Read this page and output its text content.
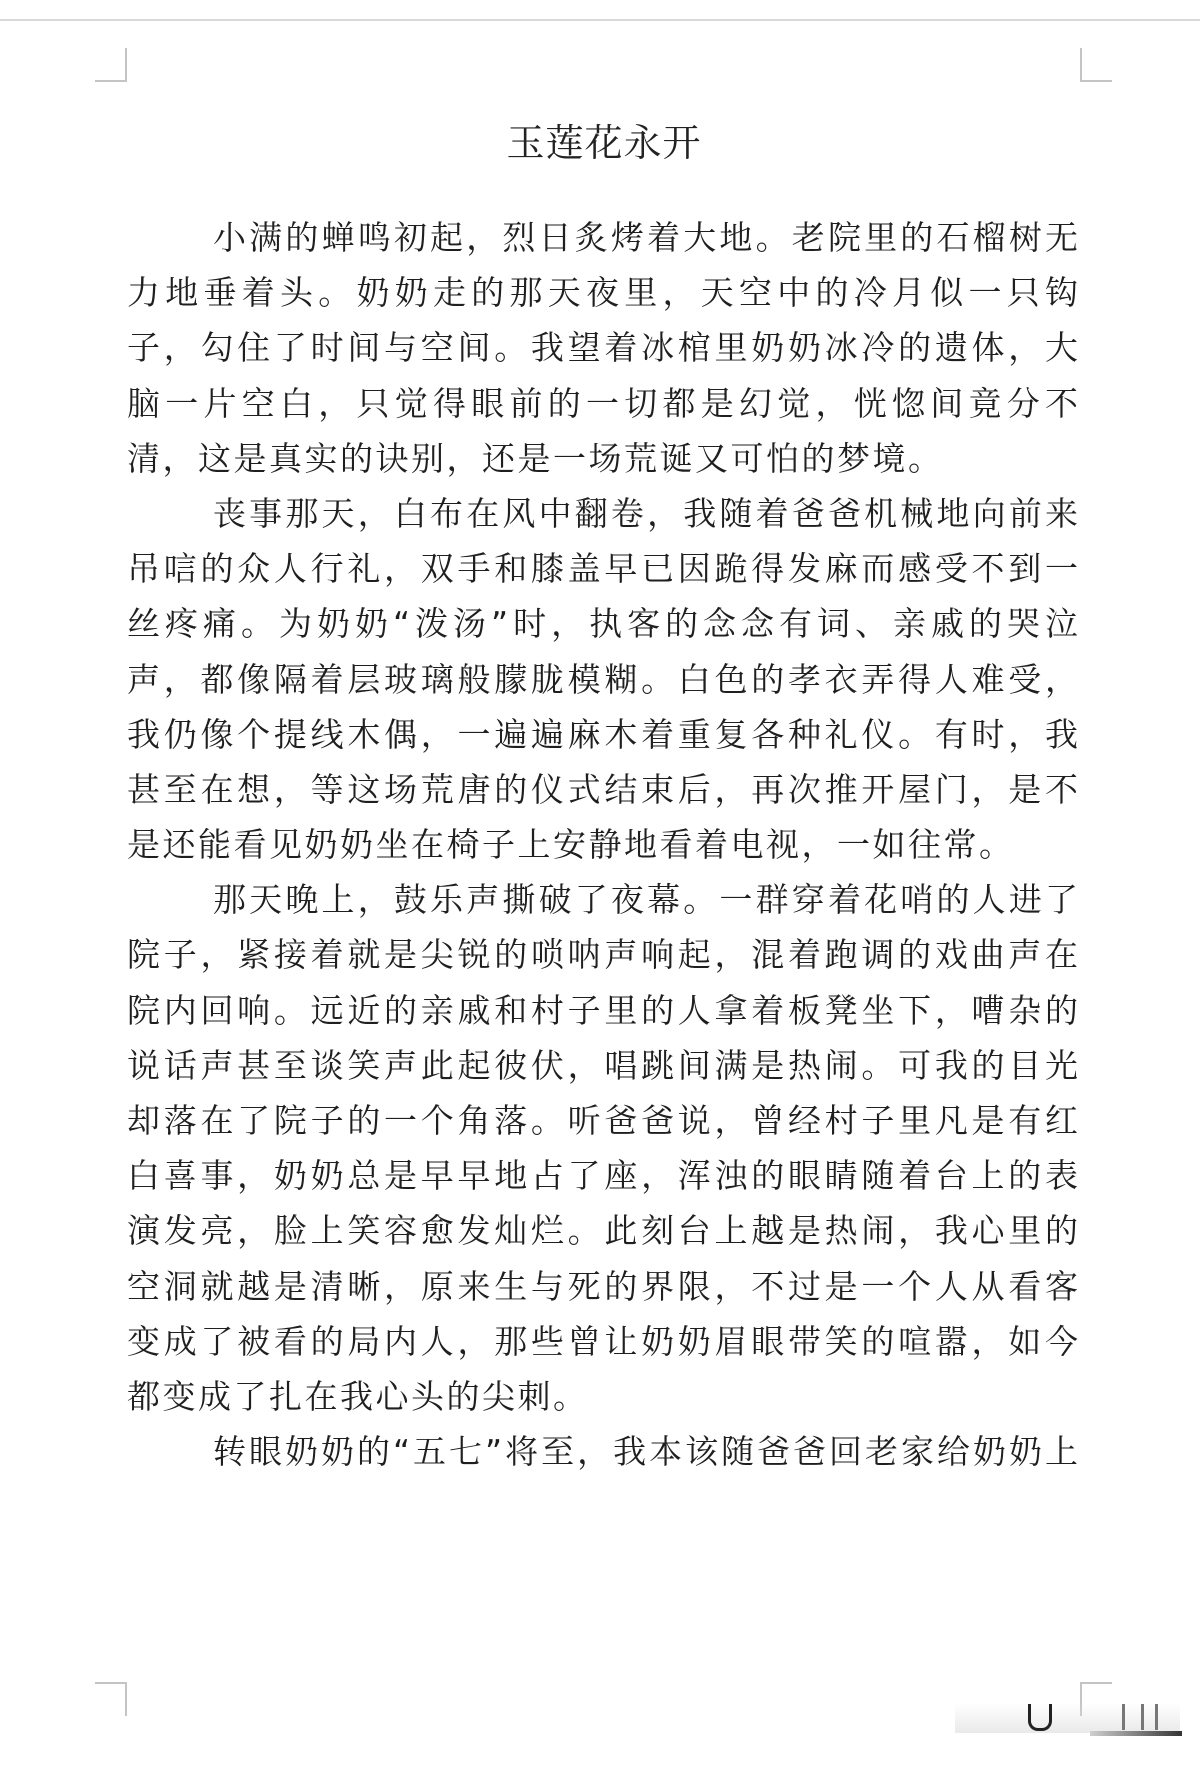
玉莲花永开
小满的蝉鸣初起，烈日炙烤着大地。老院里的石榴树无
力地垂着头。奶奶走的那天夜里，天空中的冷月似一只钩
子，勾住了时间与空间。我望着冰棺里奶奶冰冷的遗体，大
脑一片空白，只觉得眼前的一切都是幻觉，恍惚间竟分不
清，这是真实的诀别，还是一场荒诞又可怕的梦境。
丧事那天，白布在风中翻卷，我随着爸爸机械地向前来
吊唁的众人行礼，双手和膝盖早已因跪得发麻而感受不到一
丝疼痛。为奶奶“泼汤”时，执客的念念有词、亲戚的哭泣
声，都像隔着层玻璃般朦胧模糊。白色的孝衣弄得人难受，
我仍像个提线木偶，一遍遍麻木着重复各种礼仪。有时，我
甚至在想，等这场荒唐的仪式结束后，再次推开屋门，是不
是还能看见奶奶坐在椅子上安静地看着电视，一如往常。
那天晚上，鼓乐声撕破了夜幕。一群穿着花哨的人进了
院子，紧接着就是尖锐的唢呐声响起，混着跑调的戏曲声在
院内回响。远近的亲戚和村子里的人拿着板凳坐下，嘈杂的
说话声甚至谈笑声此起彼伏，唱跳间满是热闹。可我的目光
却落在了院子的一个角落。听爸爸说，曾经村子里凡是有红
白喜事，奶奶总是早早地占了座，浑浊的眼睛随着台上的表
演发亮，脸上笑容愈发灿烂。此刻台上越是热闹，我心里的
空洞就越是清晰，原来生与死的界限，不过是一个人从看客
变成了被看的局内人，那些曾让奶奶眉眼带笑的喧嚣，如今
都变成了扎在我心头的尖刺。
转眼奶奶的“五七”将至，我本该随爸爸回老家给奶奶上
